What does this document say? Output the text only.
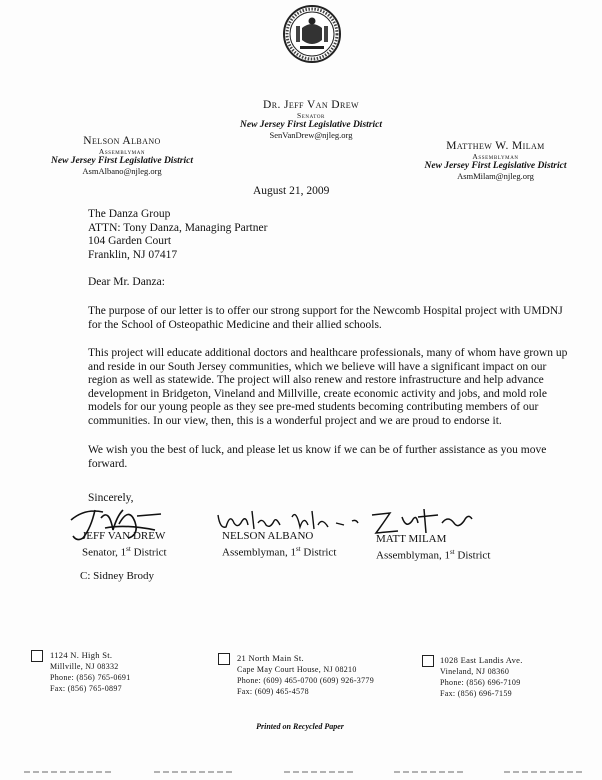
Dr. Jeff Van Drew
Senator
New Jersey First Legislative District
SenVanDrew@njleg.org
Nelson Albano
Assemblyman
New Jersey First Legislative District
AsmAlbano@njleg.org
Matthew W. Milam
Assemblyman
New Jersey First Legislative District
AsmMilam@njleg.org
August 21, 2009
The Danza Group
ATTN: Tony Danza, Managing Partner
104 Garden Court
Franklin, NJ 07417
Dear Mr. Danza:
The purpose of our letter is to offer our strong support for the Newcomb Hospital project with UMDNJ for the School of Osteopathic Medicine and their allied schools.
This project will educate additional doctors and healthcare professionals, many of whom have grown up and reside in our South Jersey communities, which we believe will have a significant impact on our region as well as statewide. The project will also renew and restore infrastructure and help advance development in Bridgeton, Vineland and Millville, create economic activity and jobs, and mold role models for our young people as they see pre-med students becoming contributing members of our communities. In our view, then, this is a wonderful project and we are proud to endorse it.
We wish you the best of luck, and please let us know if we can be of further assistance as you move forward.
Sincerely,
JEFF VAN DREW
Senator, 1st District
NELSON ALBANO
Assemblyman, 1st District
MATT MILAM
Assemblyman, 1st District
C: Sidney Brody
1124 N. High St.
Millville, NJ 08332
Phone: (856) 765-0691
Fax: (856) 765-0897
21 North Main St.
Cape May Court House, NJ 08210
Phone: (609) 465-0700 (609) 926-3779
Fax: (609) 465-4578
1028 East Landis Ave.
Vineland, NJ 08360
Phone: (856) 696-7109
Fax: (856) 696-7159
Printed on Recycled Paper
